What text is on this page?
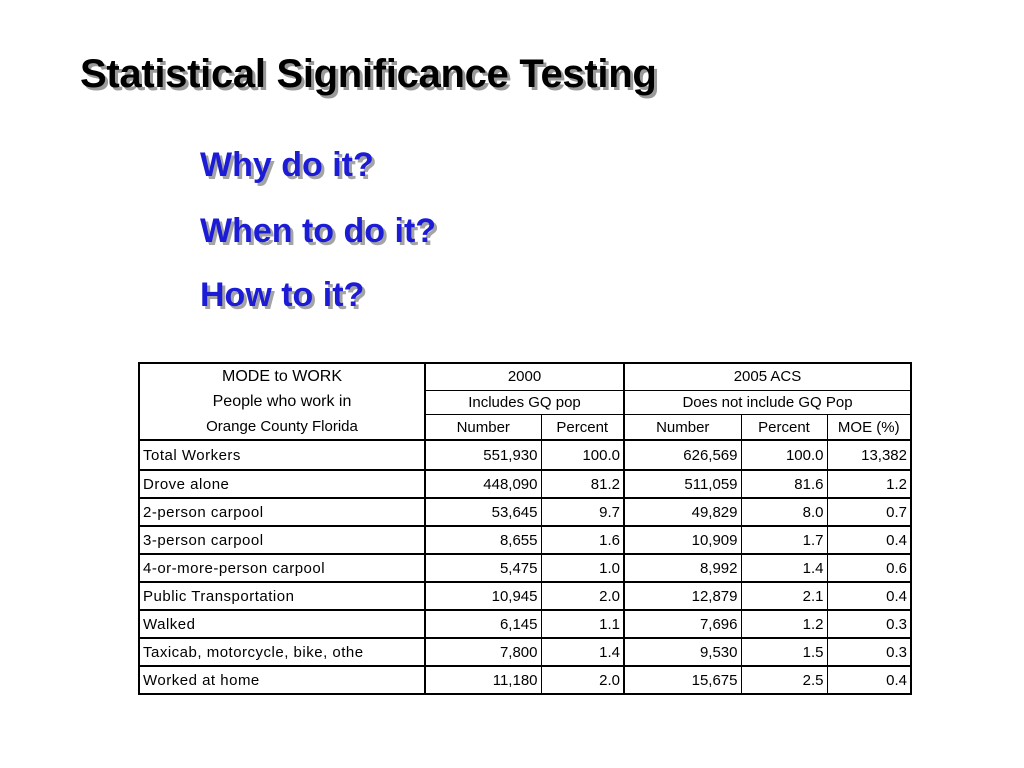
Statistical Significance Testing

Why do it?

When to do it?

How to it?

MODE to WORK
People who work in
Orange County Florida	2000		2005 ACS		
	Includes GQ pop		Does not include GQ Pop		
	Number	Percent	Number	Percent	MOE (%)
Total Workers	551,930	100.0	626,569	100.0	13,382
Drove alone	448,090	81.2	511,059	81.6	1.2
2-person carpool	53,645	9.7	49,829	8.0	0.7
3-person carpool	8,655	1.6	10,909	1.7	0.4
4-or-more-person carpool	5,475	1.0	8,992	1.4	0.6
Public Transportation	10,945	2.0	12,879	2.1	0.4
Walked	6,145	1.1	7,696	1.2	0.3
Taxicab, motorcycle, bike, othe	7,800	1.4	9,530	1.5	0.3
Worked at home	11,180	2.0	15,675	2.5	0.4
